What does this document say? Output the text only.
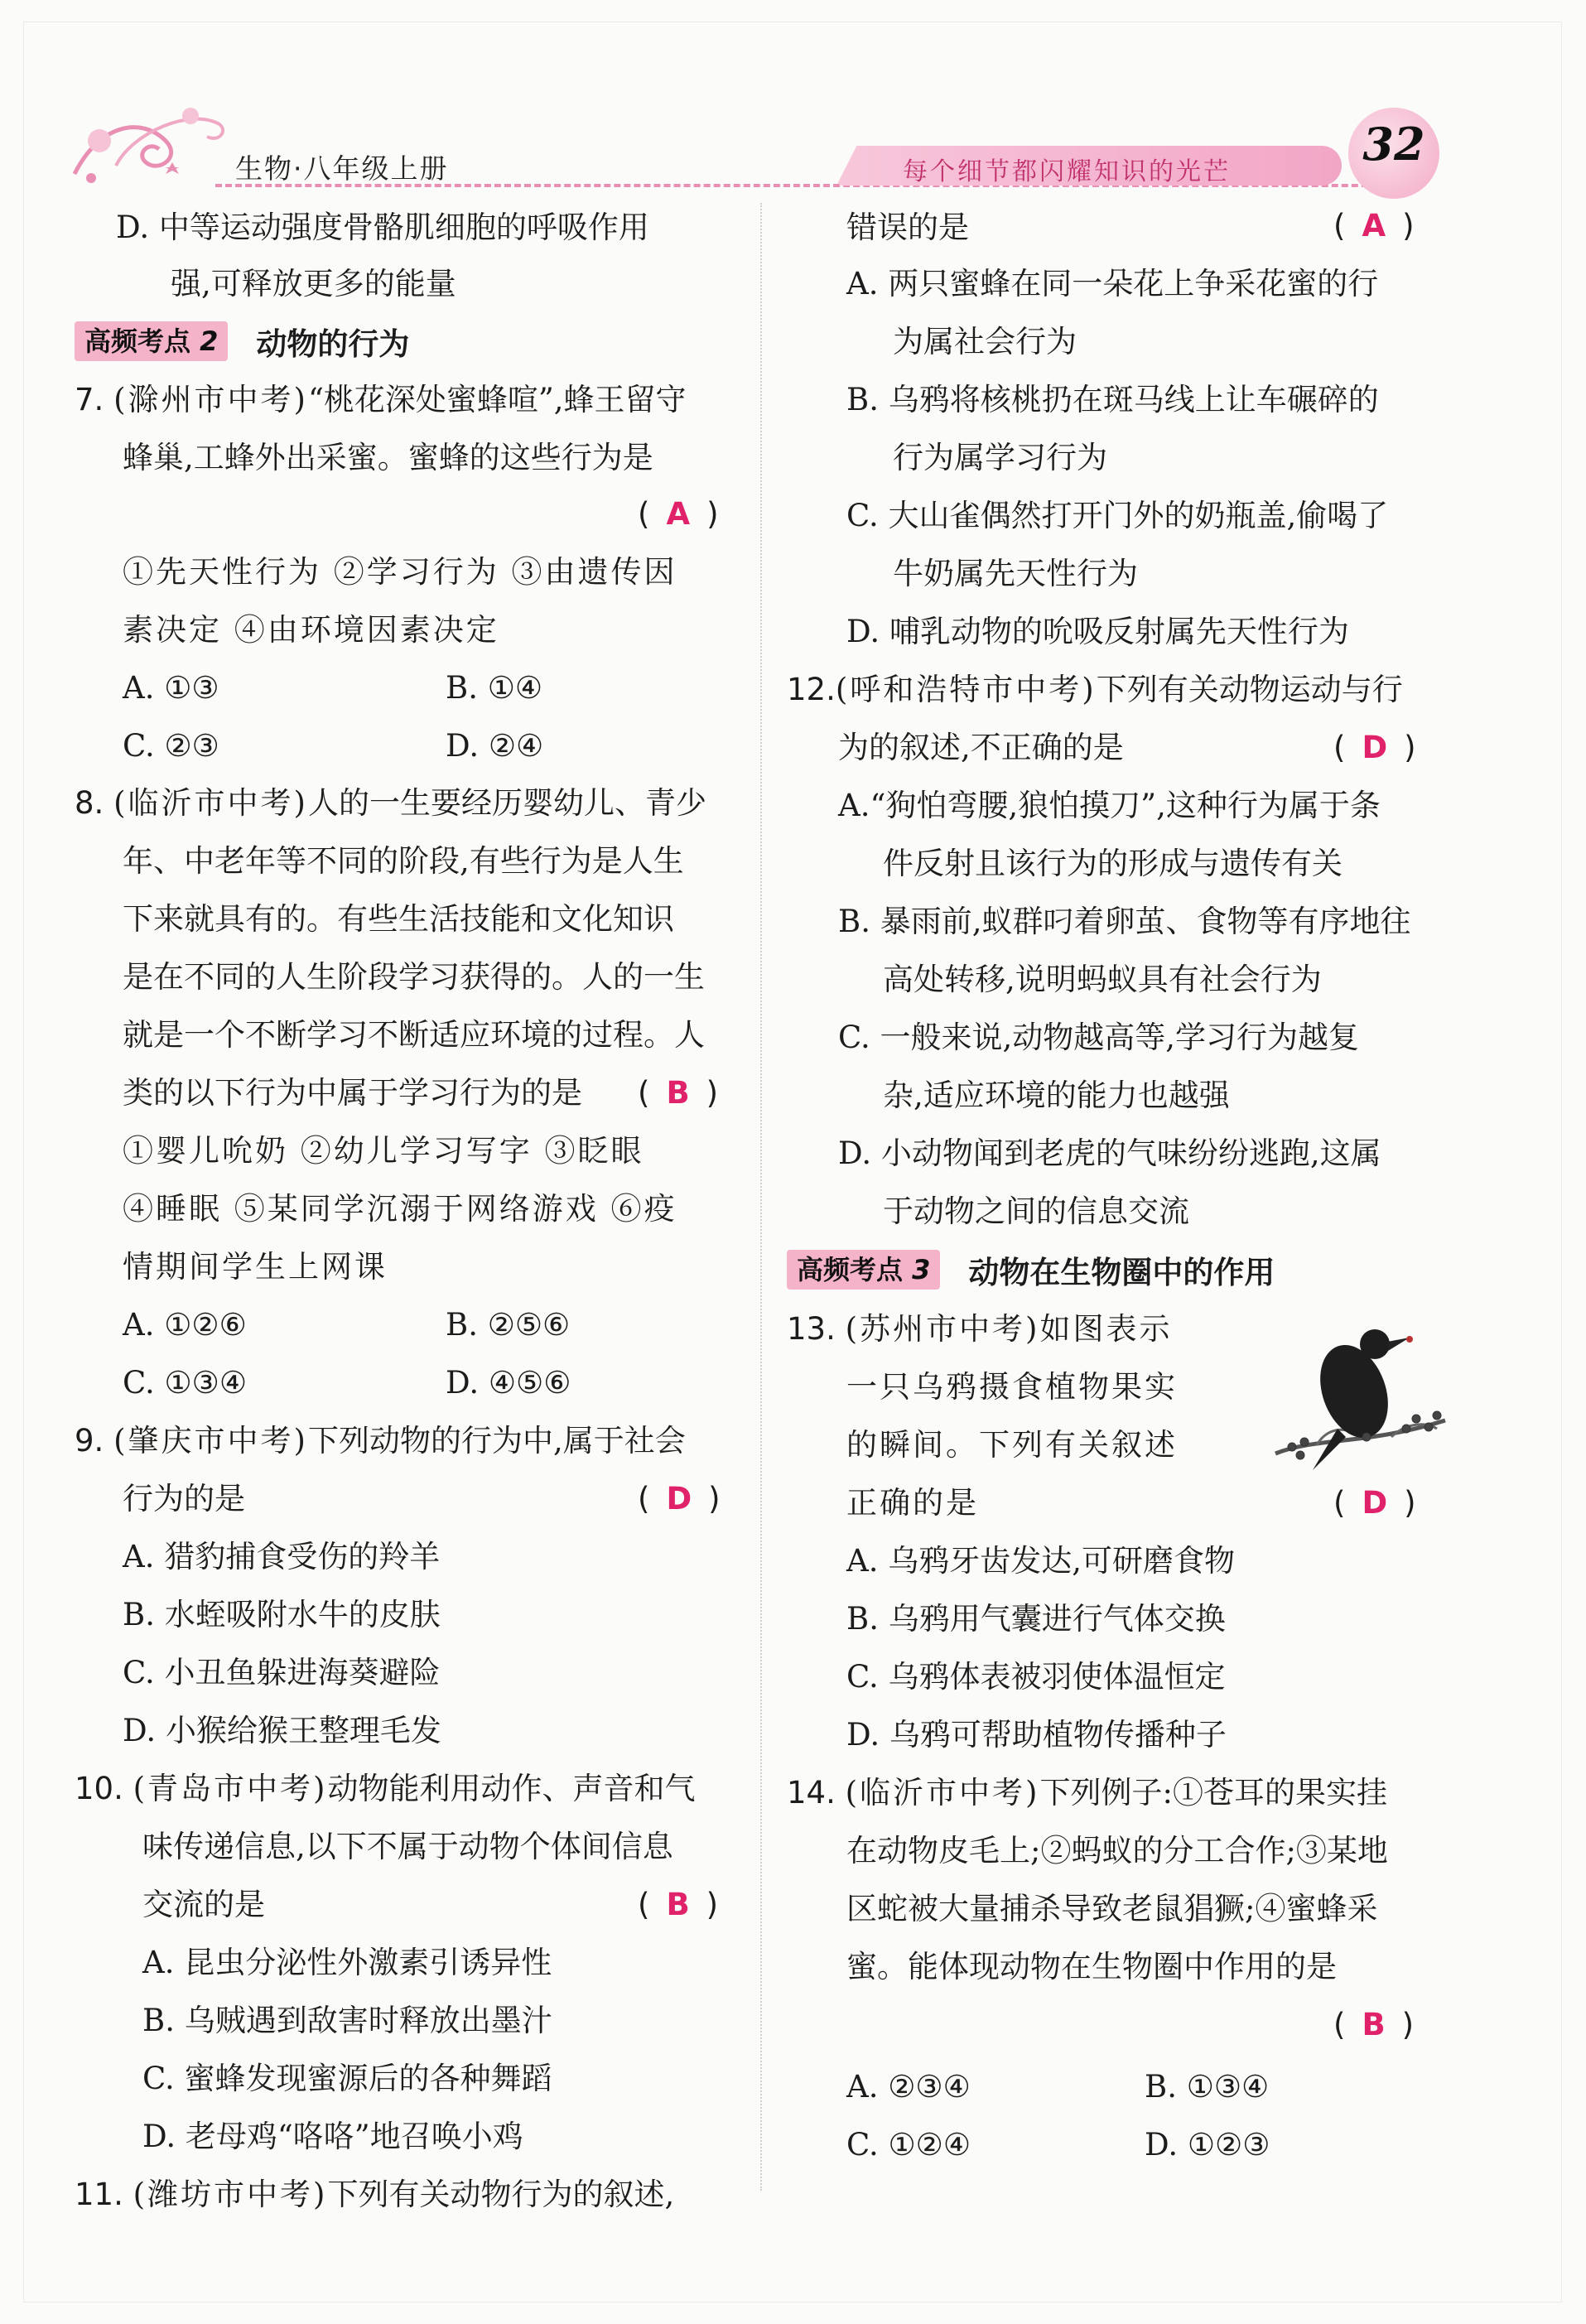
生物·八年级上册	每个细节都闪耀知识的光芒
32
D. 中等运动强度骨骼肌细胞的呼吸作用
强,可释放更多的能量
高频考点 2 动物的行为
7. (滁州市中考)“桃花深处蜜蜂喧”,蜂王留守
蜂巢,工蜂外出采蜜。蜜蜂的这些行为是
( A )
①先天性行为 ②学习行为 ③由遗传因
素决定 ④由环境因素决定
A. ①③	B. ①④
C. ②③	D. ②④
8. (临沂市中考)人的一生要经历婴幼儿、青少
年、中老年等不同的阶段,有些行为是人生
下来就具有的。有些生活技能和文化知识
是在不同的人生阶段学习获得的。人的一生
就是一个不断学习不断适应环境的过程。人
类的以下行为中属于学习行为的是 ( B )
①婴儿吮奶 ②幼儿学习写字 ③眨眼
④睡眠 ⑤某同学沉溺于网络游戏 ⑥疫
情期间学生上网课
A. ①②⑥	B. ②⑤⑥
C. ①③④	D. ④⑤⑥
9. (肇庆市中考)下列动物的行为中,属于社会
行为的是	( D )
A. 猎豹捕食受伤的羚羊
B. 水蛭吸附水牛的皮肤
C. 小丑鱼躲进海葵避险
D. 小猴给猴王整理毛发
10. (青岛市中考)动物能利用动作、声音和气
味传递信息,以下不属于动物个体间信息
交流的是	( B )
A. 昆虫分泌性外激素引诱异性
B. 乌贼遇到敌害时释放出墨汁
C. 蜜蜂发现蜜源后的各种舞蹈
D. 老母鸡“咯咯”地召唤小鸡
11. (潍坊市中考)下列有关动物行为的叙述,
错误的是	( A )
A. 两只蜜蜂在同一朵花上争采花蜜的行
为属社会行为
B. 乌鸦将核桃扔在斑马线上让车碾碎的
行为属学习行为
C. 大山雀偶然打开门外的奶瓶盖,偷喝了
牛奶属先天性行为
D. 哺乳动物的吮吸反射属先天性行为
12.(呼和浩特市中考)下列有关动物运动与行
为的叙述,不正确的是	( D )
A.“狗怕弯腰,狼怕摸刀”,这种行为属于条
件反射且该行为的形成与遗传有关
B. 暴雨前,蚁群叼着卵茧、食物等有序地往
高处转移,说明蚂蚁具有社会行为
C. 一般来说,动物越高等,学习行为越复
杂,适应环境的能力也越强
D. 小动物闻到老虎的气味纷纷逃跑,这属
于动物之间的信息交流
高频考点 3 动物在生物圈中的作用
13. (苏州市中考)如图表示
一只乌鸦摄食植物果实
的瞬间。下列有关叙述
正确的是	( D )
A. 乌鸦牙齿发达,可研磨食物
B. 乌鸦用气囊进行气体交换
C. 乌鸦体表被羽使体温恒定
D. 乌鸦可帮助植物传播种子
14. (临沂市中考)下列例子:①苍耳的果实挂
在动物皮毛上;②蚂蚁的分工合作;③某地
区蛇被大量捕杀导致老鼠猖獗;④蜜蜂采
蜜。能体现动物在生物圈中作用的是
( B )
A. ②③④	B. ①③④
C. ①②④	D. ①②③
